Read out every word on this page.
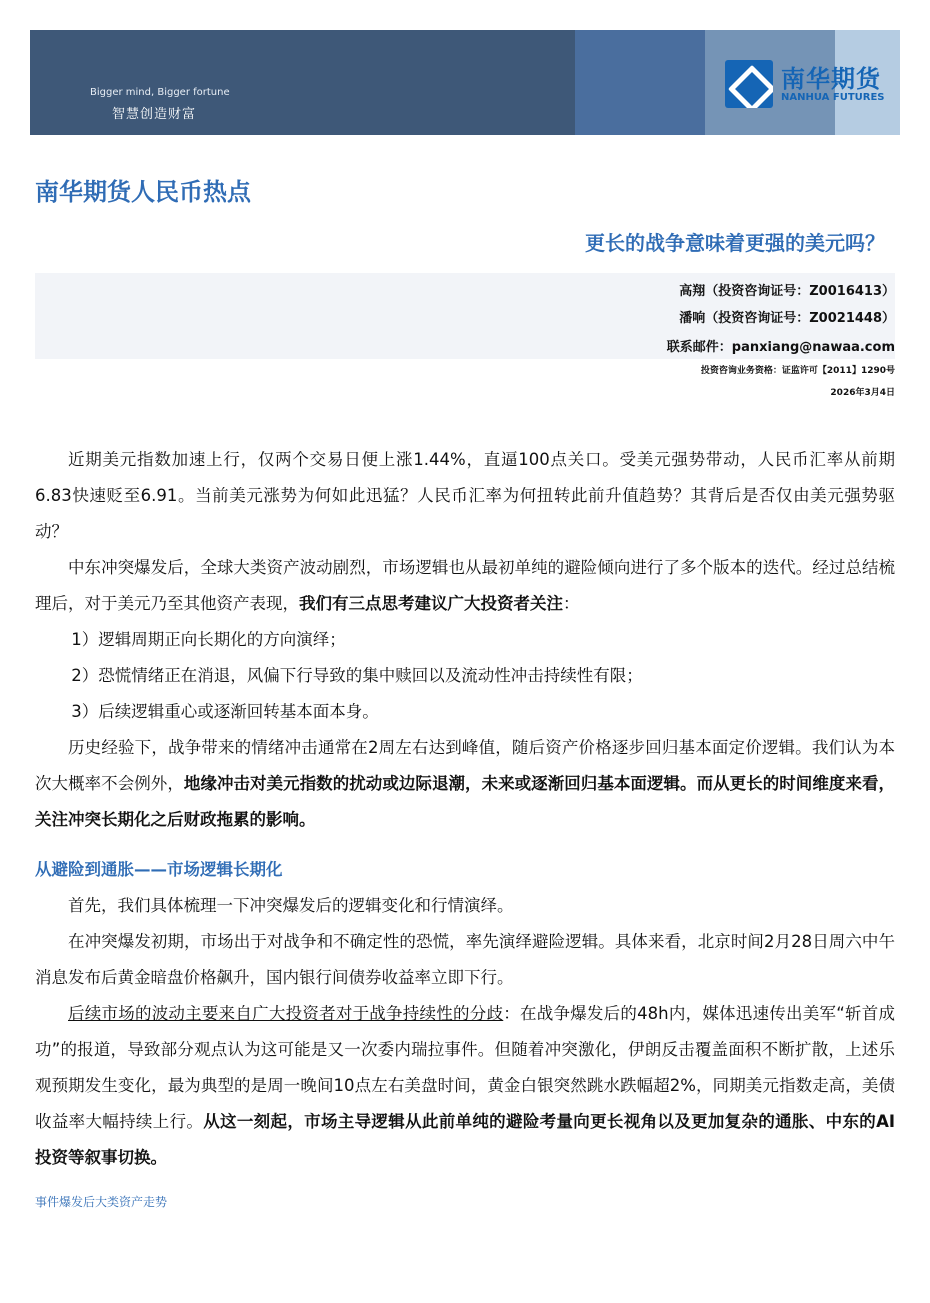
Bigger mind, Bigger fortune
智慧创造财富
南华期货
NANHUA FUTURES
南华期货人民币热点
更长的战争意味着更强的美元吗？
高翔（投资咨询证号：Z0016413）
潘响（投资咨询证号：Z0021448）
联系邮件：panxiang@nawaa.com
投资咨询业务资格：证监许可【2011】1290号
2026年3月4日

近期美元指数加速上行，仅两个交易日便上涨1.44%，直逼100点关口。受美元强势带动，人民币汇率从前期6.83快速贬至6.91。当前美元涨势为何如此迅猛？人民币汇率为何扭转此前升值趋势？其背后是否仅由美元强势驱动？

中东冲突爆发后，全球大类资产波动剧烈，市场逻辑也从最初单纯的避险倾向进行了多个版本的迭代。经过总结梳理后，对于美元乃至其他资产表现，我们有三点思考建议广大投资者关注：

1）逻辑周期正向长期化的方向演绎；

2）恐慌情绪正在消退，风偏下行导致的集中赎回以及流动性冲击持续性有限；

3）后续逻辑重心或逐渐回转基本面本身。

历史经验下，战争带来的情绪冲击通常在2周左右达到峰值，随后资产价格逐步回归基本面定价逻辑。我们认为本次大概率不会例外，地缘冲击对美元指数的扰动或边际退潮，未来或逐渐回归基本面逻辑。而从更长的时间维度来看，关注冲突长期化之后财政拖累的影响。

从避险到通胀——市场逻辑长期化

首先，我们具体梳理一下冲突爆发后的逻辑变化和行情演绎。

在冲突爆发初期，市场出于对战争和不确定性的恐慌，率先演绎避险逻辑。具体来看，北京时间2月28日周六中午消息发布后黄金暗盘价格飙升，国内银行间债券收益率立即下行。

后续市场的波动主要来自广大投资者对于战争持续性的分歧：在战争爆发后的48h内，媒体迅速传出美军“斩首成功”的报道，导致部分观点认为这可能是又一次委内瑞拉事件。但随着冲突激化，伊朗反击覆盖面积不断扩散，上述乐观预期发生变化，最为典型的是周一晚间10点左右美盘时间，黄金白银突然跳水跌幅超2%，同期美元指数走高，美债收益率大幅持续上行。从这一刻起，市场主导逻辑从此前单纯的避险考量向更长视角以及更加复杂的通胀、中东的AI投资等叙事切换。

事件爆发后大类资产走势
